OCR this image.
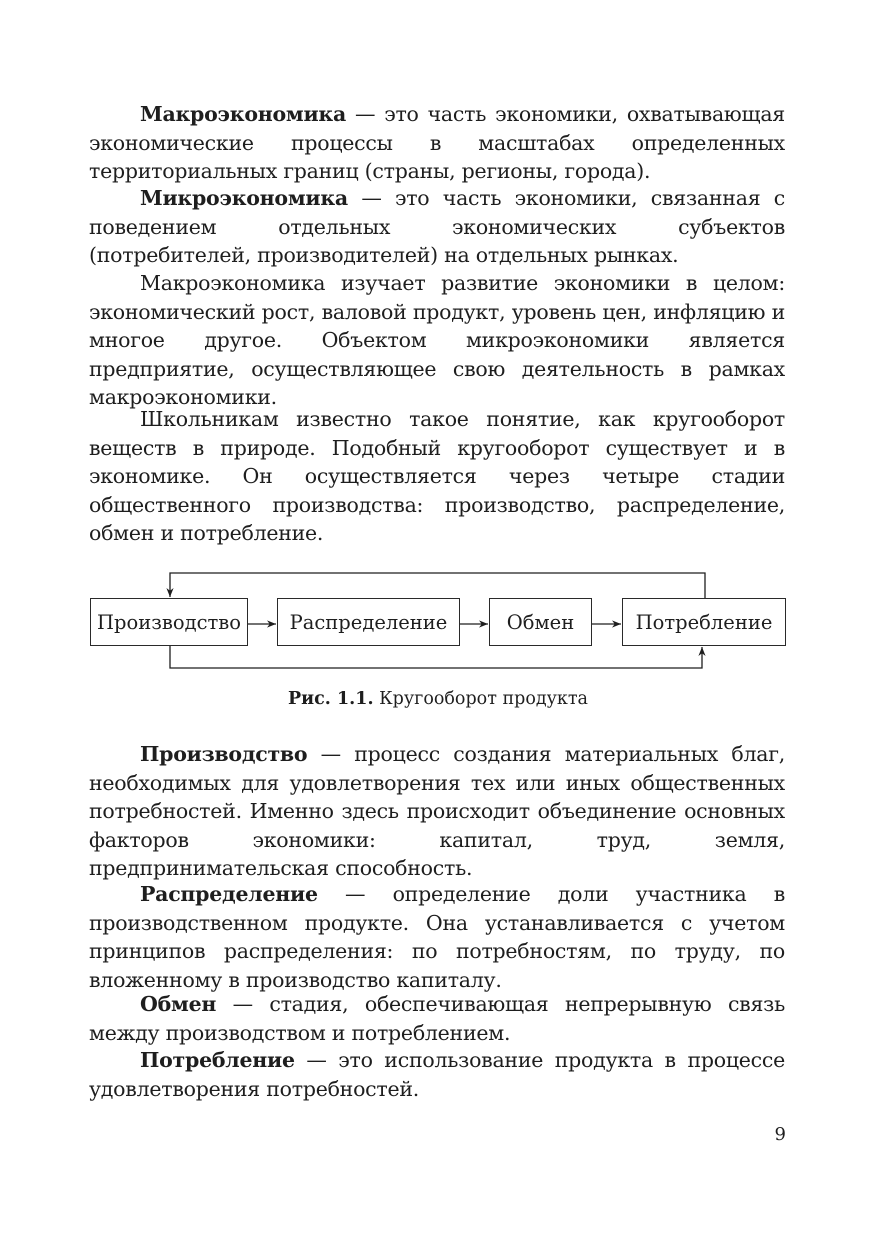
Макроэкономика — это часть экономики, охватывающая экономические процессы в масштабах определенных территориальных границ (страны, регионы, города).

Микроэкономика — это часть экономики, связанная с поведением отдельных экономических субъектов (потребителей, производителей) на отдельных рынках.

Макроэкономика изучает развитие экономики в целом: экономический рост, валовой продукт, уровень цен, инфляцию и многое другое. Объектом микроэкономики является предприятие, осуществляющее свою деятельность в рамках макроэкономики.

Школьникам известно такое понятие, как кругооборот веществ в природе. Подобный кругооборот существует и в экономике. Он осуществляется через четыре стадии общественного производства: производство, распределение, обмен и потребление.

Производство	Распределение	Обмен	Потребление
Рис. 1.1. Кругооборот продукта

Производство — процесс создания материальных благ, необходимых для удовлетворения тех или иных общественных потребностей. Именно здесь происходит объединение основных факторов экономики: капитал, труд, земля, предпринимательская способность.

Распределение — определение доли участника в производственном продукте. Она устанавливается с учетом принципов распределения: по потребностям, по труду, по вложенному в производство капиталу.

Обмен — стадия, обеспечивающая непрерывную связь между производством и потреблением.

Потребление — это использование продукта в процессе удовлетворения потребностей.

9
